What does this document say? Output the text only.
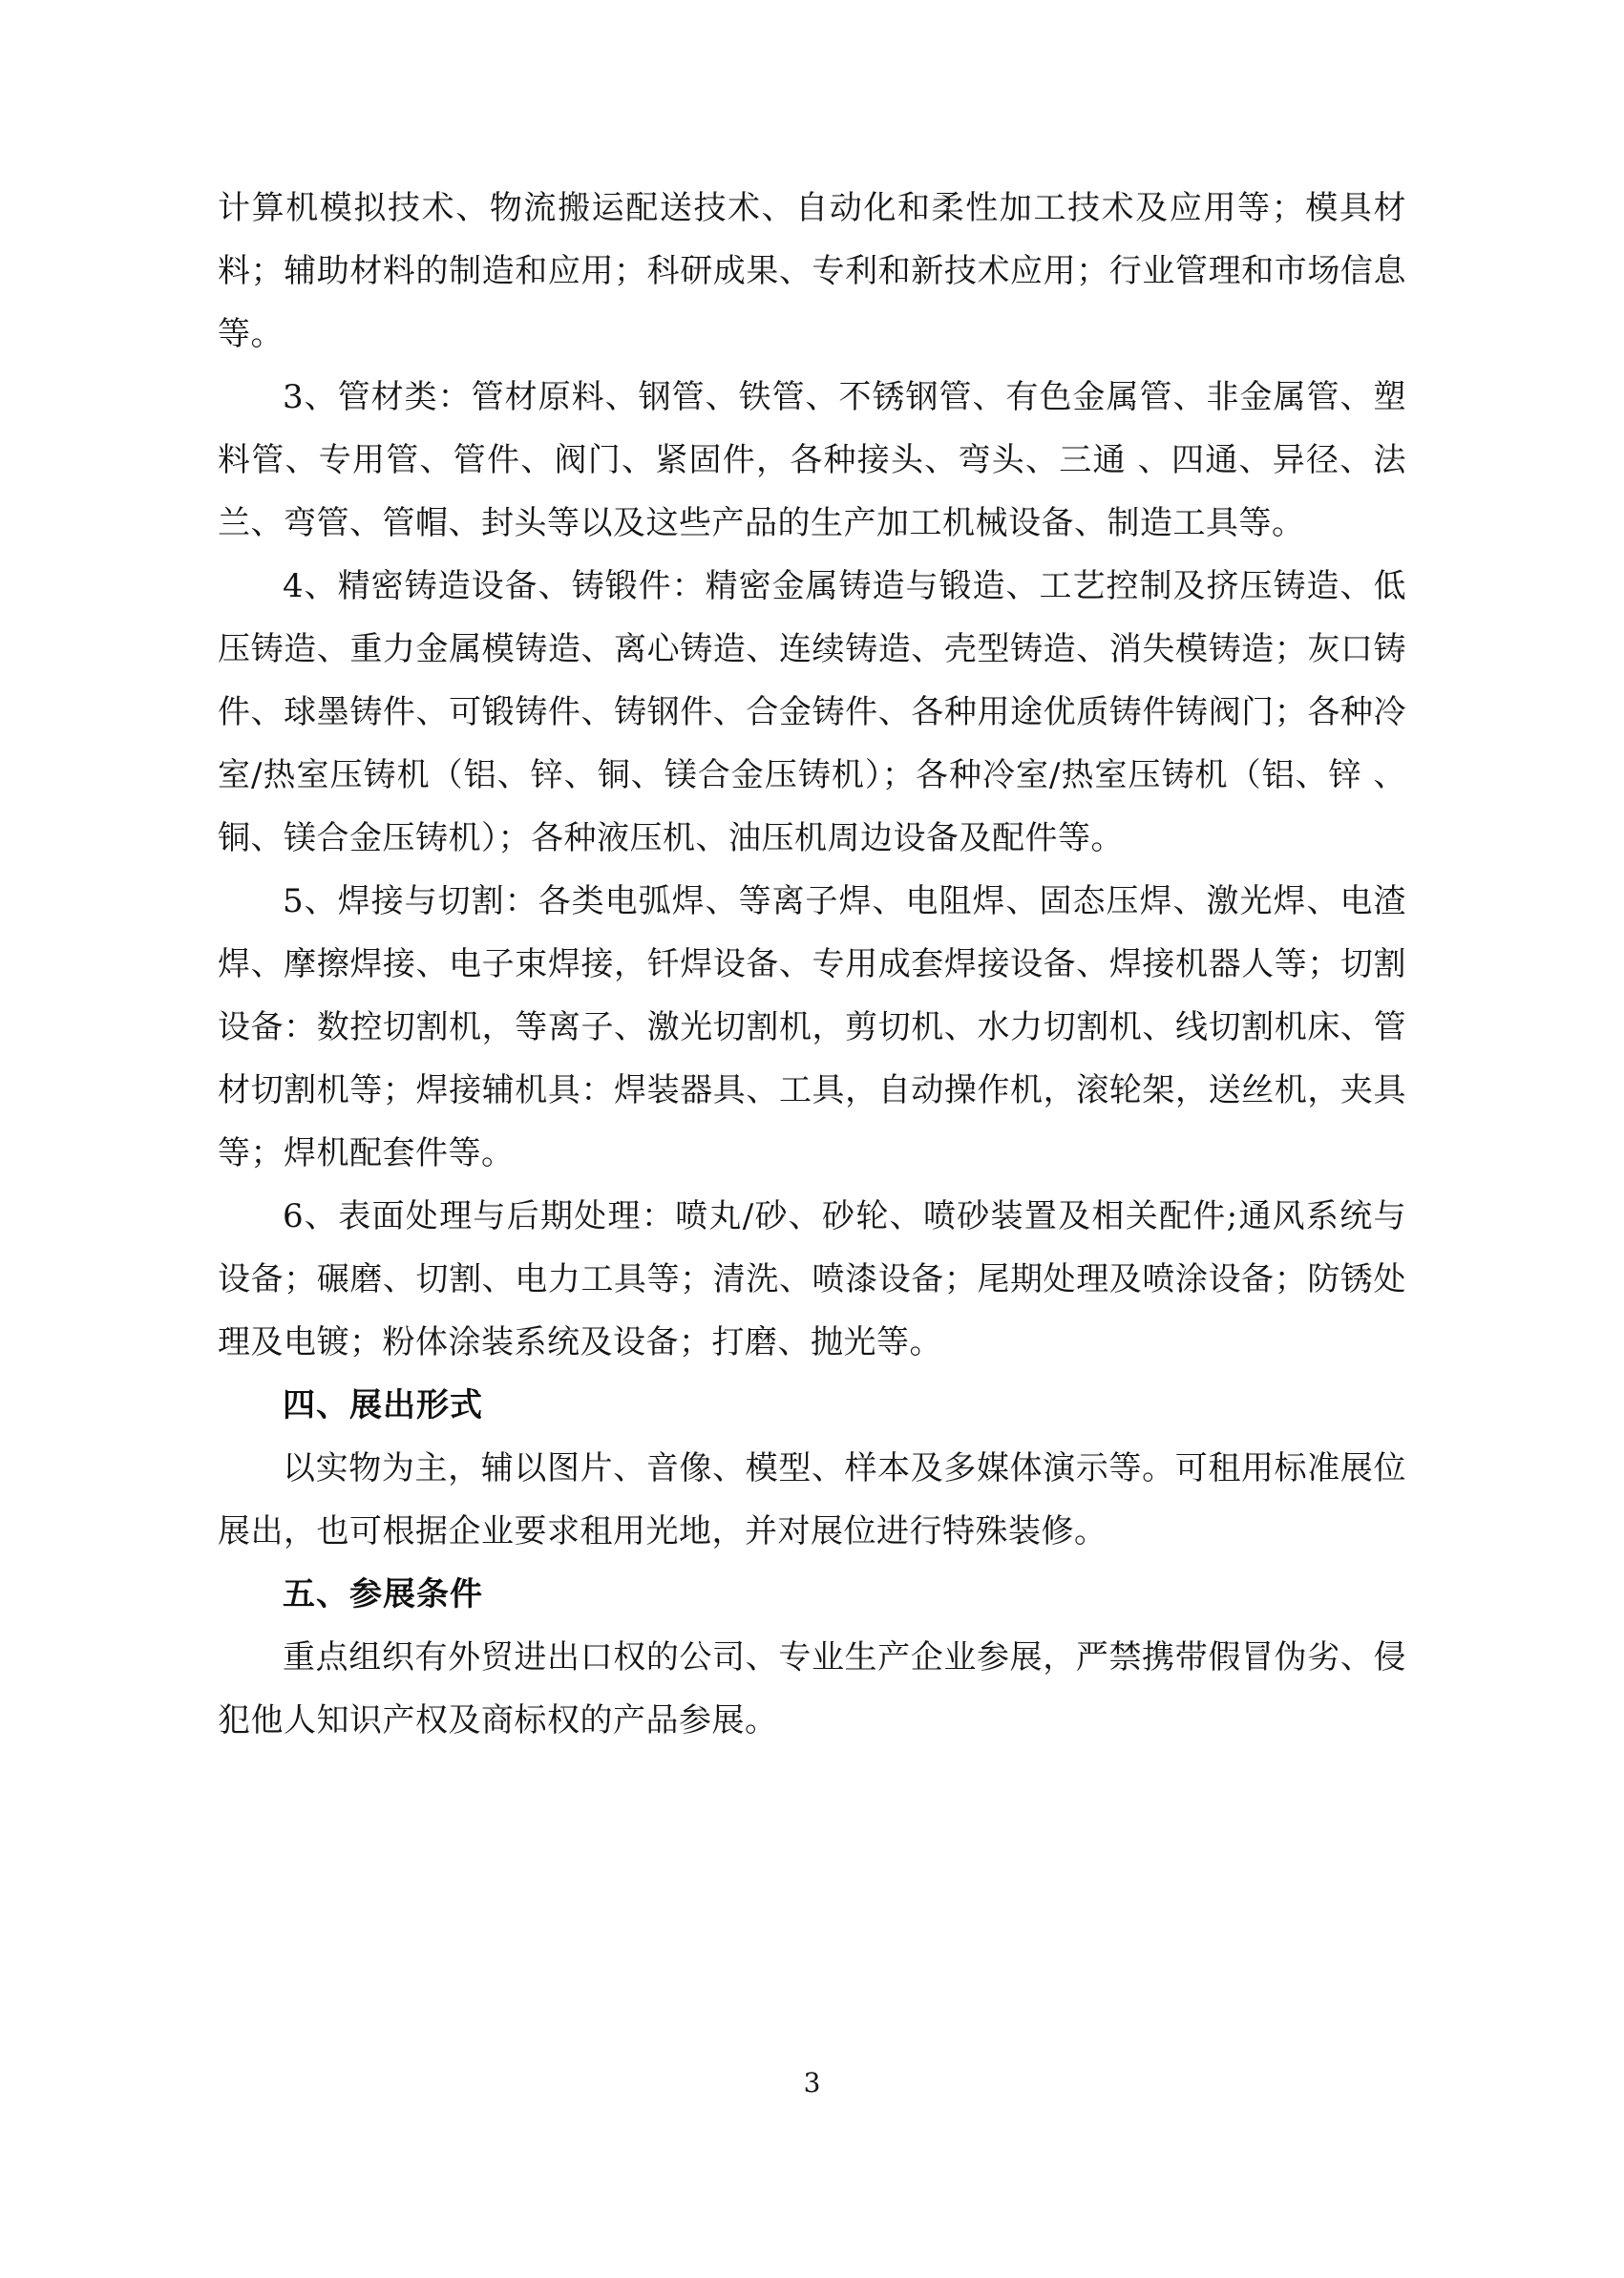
计算机模拟技术、物流搬运配送技术、自动化和柔性加工技术及应用等；模具材料；辅助材料的制造和应用；科研成果、专利和新技术应用；行业管理和市场信息等。

3、管材类：管材原料、钢管、铁管、不锈钢管、有色金属管、非金属管、塑料管、专用管、管件、阀门、紧固件，各种接头、弯头、三通 、四通、异径、法兰、弯管、管帽、封头等以及这些产品的生产加工机械设备、制造工具等。

4、精密铸造设备、铸锻件：精密金属铸造与锻造、工艺控制及挤压铸造、低压铸造、重力金属模铸造、离心铸造、连续铸造、壳型铸造、消失模铸造；灰口铸件、球墨铸件、可锻铸件、铸钢件、合金铸件、各种用途优质铸件铸阀门；各种冷室/热室压铸机（铝、锌、铜、镁合金压铸机）；各种冷室/热室压铸机（铝、锌 、铜、镁合金压铸机）；各种液压机、油压机周边设备及配件等。

5、焊接与切割：各类电弧焊、等离子焊、电阻焊、固态压焊、激光焊、电渣焊、摩擦焊接、电子束焊接，钎焊设备、专用成套焊接设备、焊接机器人等；切割设备：数控切割机，等离子、激光切割机，剪切机、水力切割机、线切割机床、管材切割机等；焊接辅机具：焊装器具、工具，自动操作机，滚轮架，送丝机，夹具等；焊机配套件等。

6、表面处理与后期处理：喷丸/砂、砂轮、喷砂装置及相关配件;通风系统与设备；碾磨、切割、电力工具等；清洗、喷漆设备；尾期处理及喷涂设备；防锈处理及电镀；粉体涂装系统及设备；打磨、抛光等。

四、展出形式

以实物为主，辅以图片、音像、模型、样本及多媒体演示等。可租用标准展位展出，也可根据企业要求租用光地，并对展位进行特殊装修。

五、参展条件

重点组织有外贸进出口权的公司、专业生产企业参展，严禁携带假冒伪劣、侵犯他人知识产权及商标权的产品参展。

3
